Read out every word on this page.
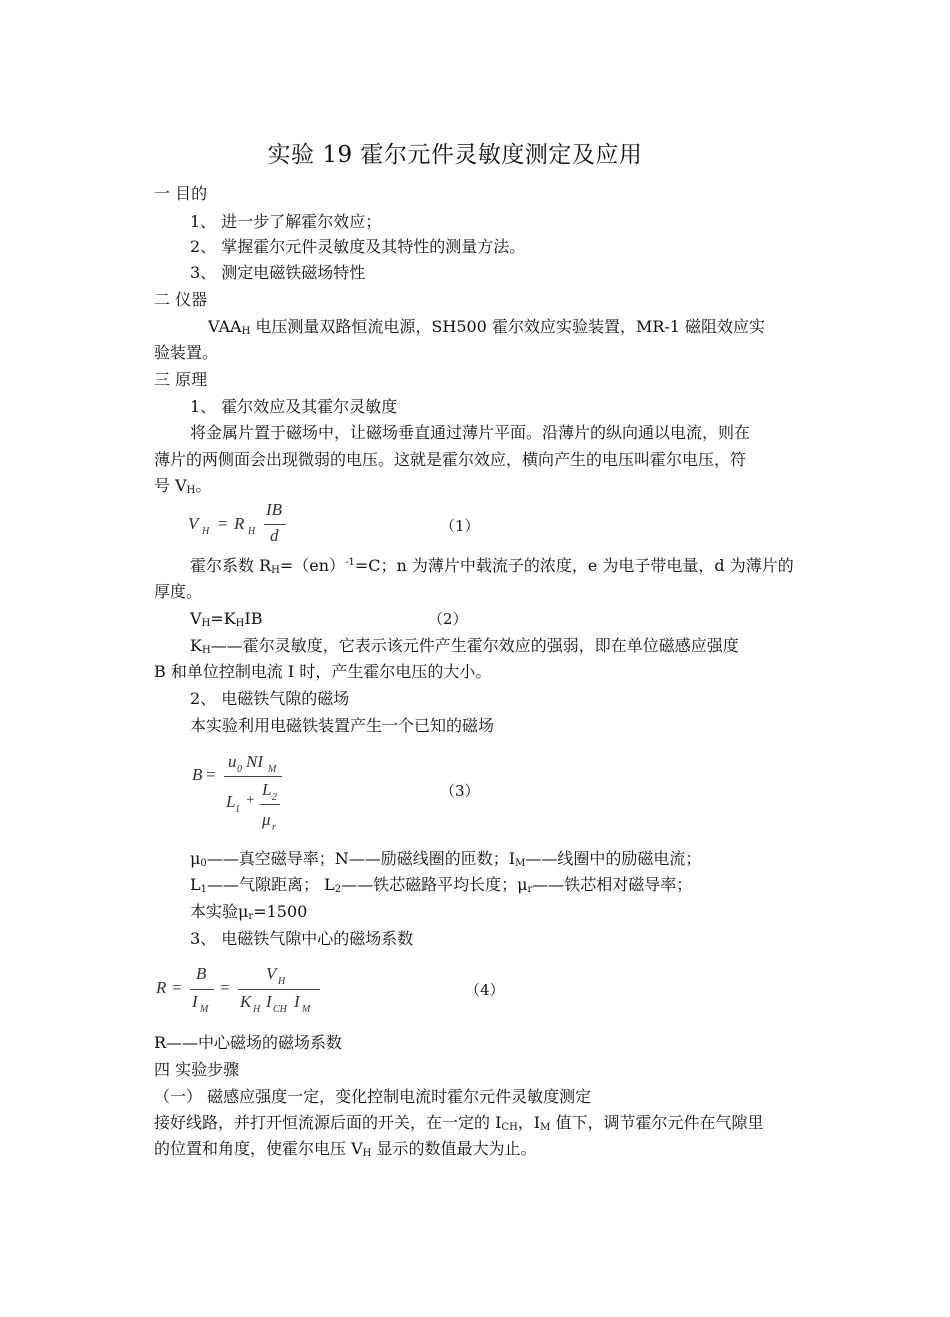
实验 19 霍尔元件灵敏度测定及应用
一 目的
1、 进一步了解霍尔效应；
2、 掌握霍尔元件灵敏度及其特性的测量方法。
3、 测定电磁铁磁场特性
二 仪器
$VAA_H$ 电压测量双路恒流电源，SH500 霍尔效应实验装置，MR-1 磁阻效应实
验装置。
三 原理
1、 霍尔效应及其霍尔灵敏度
将金属片置于磁场中，让磁场垂直通过薄片平面。沿薄片的纵向通以电流，则在
薄片的两侧面会出现微弱的电压。这就是霍尔效应，横向产生的电压叫霍尔电压，符
号 $V_H$。
V H = R H
IB
d	（1）
霍尔系数 $R_H=(en)^{-1}=C$；n 为薄片中载流子的浓度，e 为电子带电量，d 为薄片的
厚度。
$V_H=K_HIB$	（2）
$K_H——$霍尔灵敏度，它表示该元件产生霍尔效应的强弱，即在单位磁感应强度
B 和单位控制电流 I 时，产生霍尔电压的大小。
2、 电磁铁气隙的磁场
本实验利用电磁铁装置产生一个已知的磁场
B =
u 0 NI M
L 1
+
L 2
μ r
（3）
$\mu_0——$真空磁导率；N——励磁线圈的匝数；$I_M——$线圈中的励磁电流；
$L_1——$气隙距离； $L_2——$铁芯磁路平均长度；$\mu_r——$铁芯相对磁导率；
本实验$\mu_r=1500$
3、 电磁铁气隙中心的磁场系数
R =
B
I M
=
V H
K H I CH I M
（4）
R——中心磁场的磁场系数
四 实验步骤
（一） 磁感应强度一定，变化控制电流时霍尔元件灵敏度测定
接好线路，并打开恒流源后面的开关，在一定的 $I_{CH}$，$I_M$ 值下，调节霍尔元件在气隙里
的位置和角度，使霍尔电压 $V_H$ 显示的数值最大为止。
